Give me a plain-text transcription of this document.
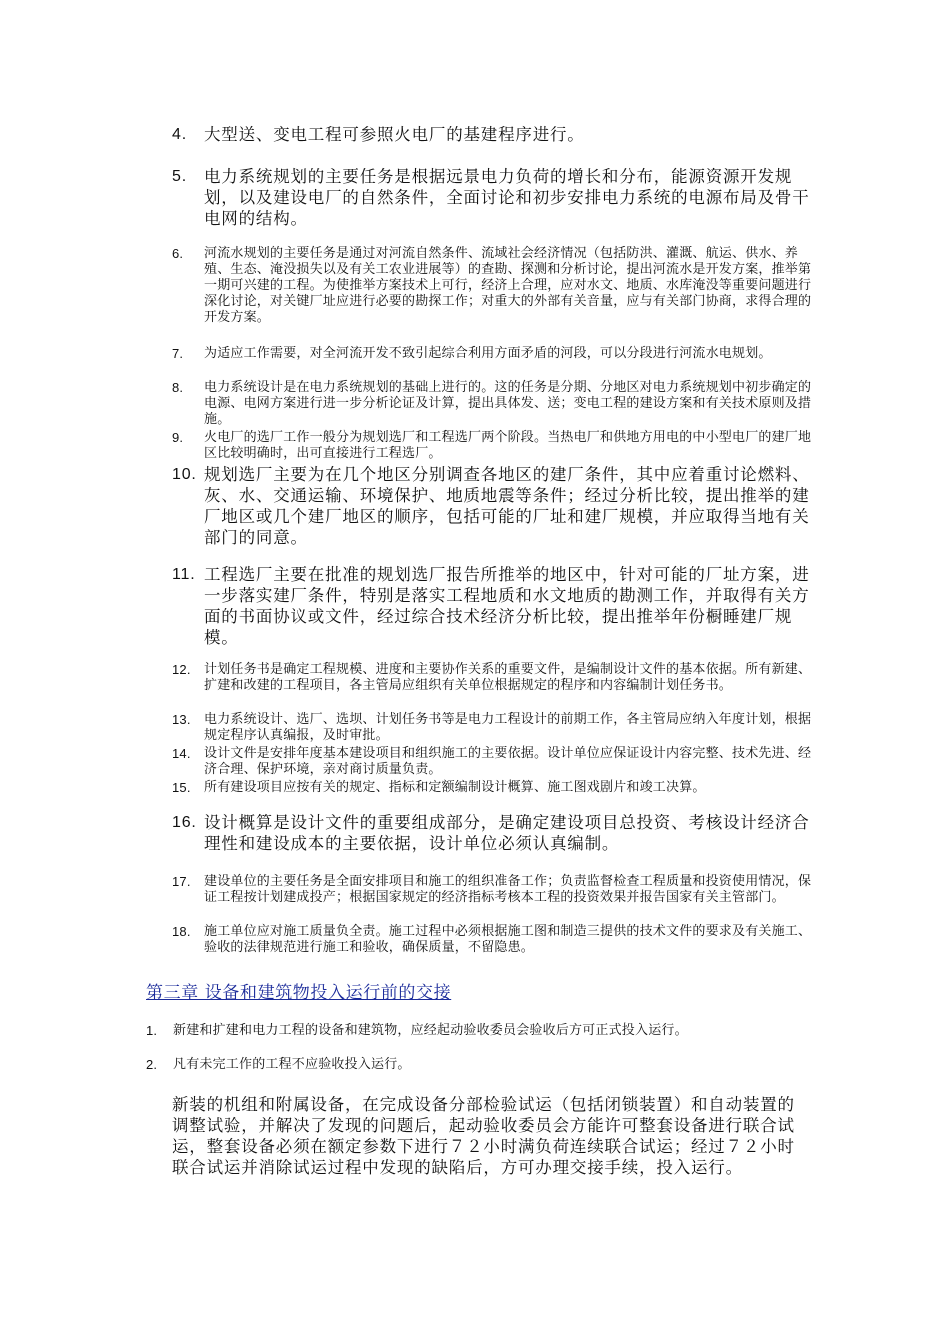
4. 大型送、变电工程可参照火电厂的基建程序进行。
5. 电力系统规划的主要任务是根据远景电力负荷的增长和分布，能源资源开发规划，以及建设电厂的自然条件，全面讨论和初步安排电力系统的电源布局及骨干电网的结构。
6. 河流水规划的主要任务是通过对河流自然条件、流域社会经济情况（包括防洪、灌溉、航运、供水、养殖、生态、淹没损失以及有关工农业进展等）的查勘、探测和分析讨论，提出河流水是开发方案，推举第一期可兴建的工程。为使推举方案技术上可行，经济上合理，应对水文、地质、水库淹没等重要问题进行深化讨论，对关键厂址应进行必要的勘探工作；对重大的外部有关音量，应与有关部门协商，求得合理的开发方案。
7. 为适应工作需要，对全河流开发不致引起综合利用方面矛盾的河段，可以分段进行河流水电规划。
8. 电力系统设计是在电力系统规划的基础上进行的。这的任务是分期、分地区对电力系统规划中初步确定的电源、电网方案进行进一步分析论证及计算，提出具体发、送；变电工程的建设方案和有关技术原则及措施。
9. 火电厂的选厂工作一般分为规划选厂和工程选厂两个阶段。当热电厂和供地方用电的中小型电厂的建厂地区比较明确时，出可直接进行工程选厂。
10. 规划选厂主要为在几个地区分别调查各地区的建厂条件，其中应着重讨论燃料、灰、水、交通运输、环境保护、地质地震等条件；经过分析比较，提出推举的建厂地区或几个建厂地区的顺序，包括可能的厂址和建厂规模，并应取得当地有关部门的同意。
11. 工程选厂主要在批准的规划选厂报告所推举的地区中，针对可能的厂址方案，进一步落实建厂条件，特别是落实工程地质和水文地质的勘测工作，并取得有关方面的书面协议或文件，经过综合技术经济分析比较，提出推举年份橱睡建厂规模。
12. 计划任务书是确定工程规模、进度和主要协作关系的重要文件，是编制设计文件的基本依据。所有新建、扩建和改建的工程项目，各主管局应组织有关单位根据规定的程序和内容编制计划任务书。
13. 电力系统设计、选厂、选坝、计划任务书等是电力工程设计的前期工作，各主管局应纳入年度计划，根据规定程序认真编报，及时审批。
14. 设计文件是安排年度基本建设项目和组织施工的主要依据。设计单位应保证设计内容完整、技术先进、经济合理、保护环境，亲对商讨质量负责。
15. 所有建设项目应按有关的规定、指标和定额编制设计概算、施工图戏剧片和竣工决算。
16. 设计概算是设计文件的重要组成部分，是确定建设项目总投资、考核设计经济合理性和建设成本的主要依据，设计单位必须认真编制。
17. 建设单位的主要任务是全面安排项目和施工的组织准备工作；负责监督检查工程质量和投资使用情况，保证工程按计划建成投产；根据国家规定的经济指标考核本工程的投资效果并报告国家有关主管部门。
18. 施工单位应对施工质量负全责。施工过程中必须根据施工图和制造三提供的技术文件的要求及有关施工、验收的法律规范进行施工和验收，确保质量，不留隐患。
第三章 设备和建筑物投入运行前的交接
1. 新建和扩建和电力工程的设备和建筑物，应经起动验收委员会验收后方可正式投入运行。
2. 凡有未完工作的工程不应验收投入运行。
新装的机组和附属设备，在完成设备分部检验试运（包括闭锁装置）和自动装置的调整试验，并解决了发现的问题后，起动验收委员会方能许可整套设备进行联合试运，整套设备必须在额定参数下进行７２小时满负荷连续联合试运；经过７２小时联合试运并消除试运过程中发现的缺陷后，方可办理交接手续，投入运行。
